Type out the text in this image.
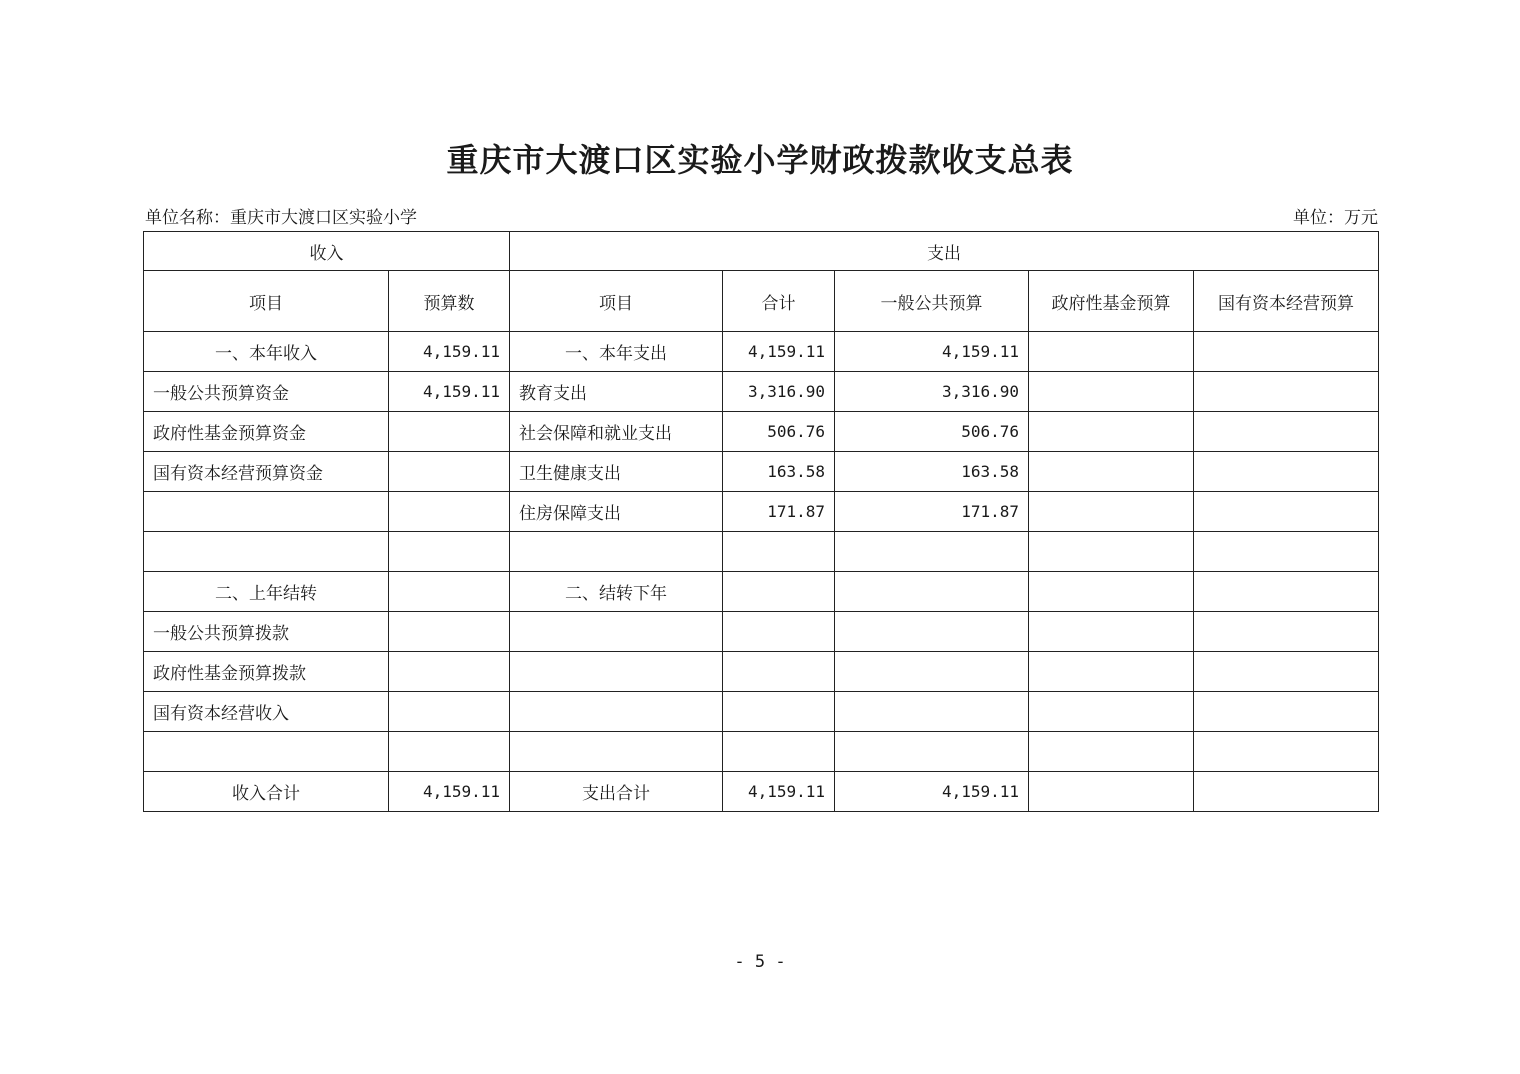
重庆市大渡口区实验小学财政拨款收支总表
单位名称：重庆市大渡口区实验小学	单位：万元
收入		支出				
项目	预算数	项目	合计	一般公共预算	政府性基金预算	国有资本经营预算
一、本年收入	4,159.11	一、本年支出	4,159.11	4,159.11		
一般公共预算资金	4,159.11	教育支出	3,316.90	3,316.90		
政府性基金预算资金		社会保障和就业支出	506.76	506.76		
国有资本经营预算资金		卫生健康支出	163.58	163.58		
		住房保障支出	171.87	171.87		

二、上年结转		二、结转下年				
一般公共预算拨款						
政府性基金预算拨款						
国有资本经营收入						

收入合计	4,159.11	支出合计	4,159.11	4,159.11		
- 5 -
